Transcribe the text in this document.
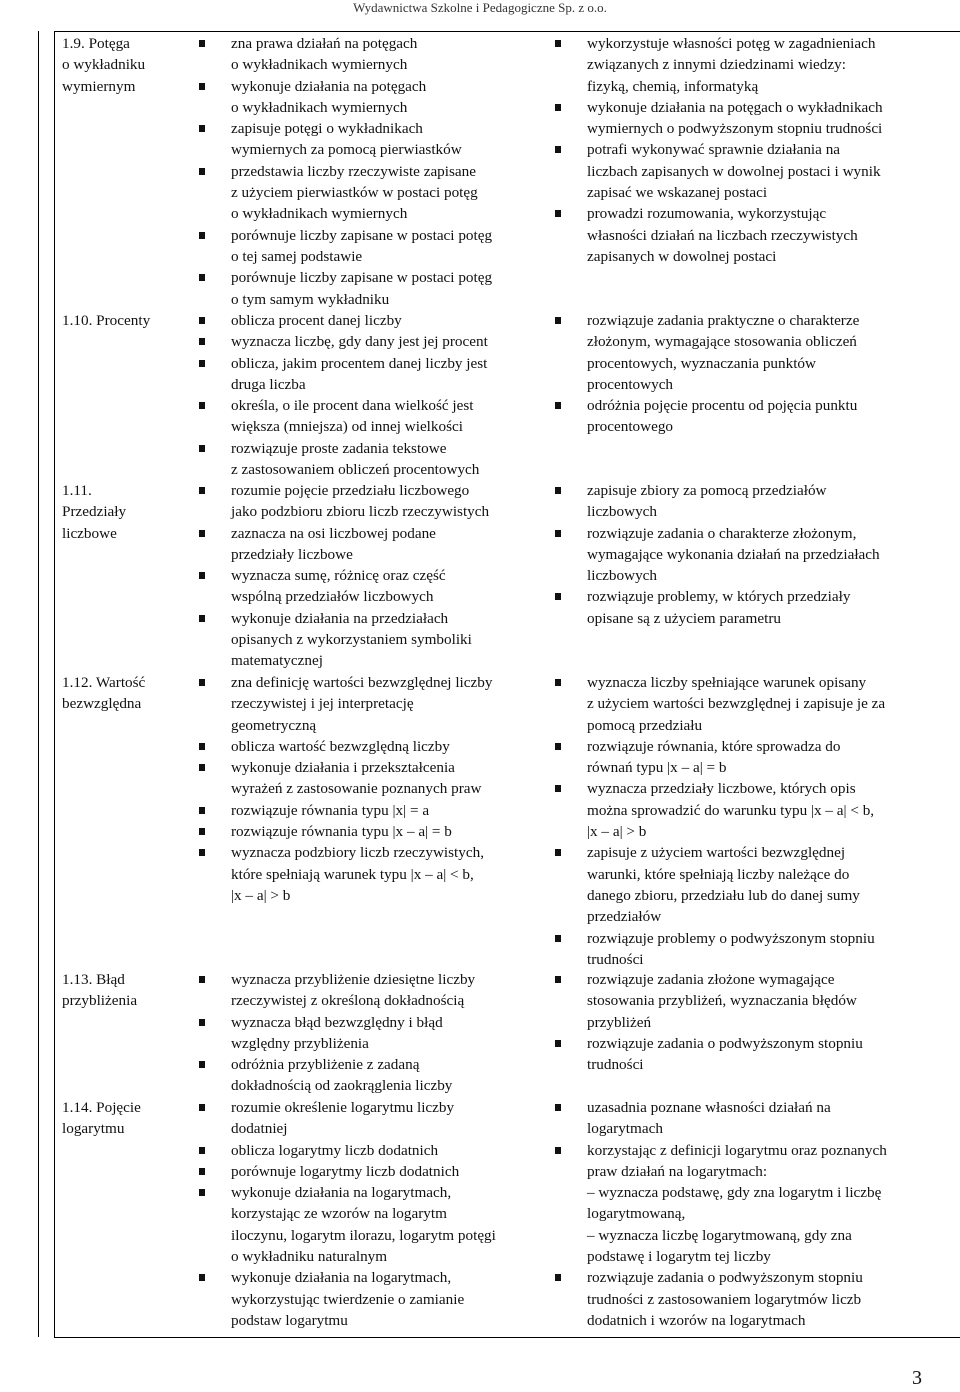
Wydawnictwa Szkolne i Pedagogiczne Sp. z o.o.
1.9. Potęga
o wykładniku
wymiernym
zna prawa działań na potęgach
o wykładnikach wymiernych
wykonuje działania na potęgach
o wykładnikach wymiernych
zapisuje potęgi o wykładnikach
wymiernych za pomocą pierwiastków
przedstawia liczby rzeczywiste zapisane
z użyciem pierwiastków w postaci potęg
o wykładnikach wymiernych
porównuje liczby zapisane w postaci potęg
o tej samej podstawie
porównuje liczby zapisane w postaci potęg
o tym samym wykładniku
wykorzystuje własności potęg w zagadnieniach
związanych z innymi dziedzinami wiedzy:
fizyką, chemią, informatyką
wykonuje działania na potęgach o wykładnikach
wymiernych o podwyższonym stopniu trudności
potrafi wykonywać sprawnie działania na
liczbach zapisanych w dowolnej postaci i wynik
zapisać we wskazanej postaci
prowadzi rozumowania, wykorzystując
własności działań na liczbach rzeczywistych
zapisanych w dowolnej postaci
1.10. Procenty	oblicza procent danej liczby
wyznacza liczbę, gdy dany jest jej procent
oblicza, jakim procentem danej liczby jest
druga liczba
określa, o ile procent dana wielkość jest
większa (mniejsza) od innej wielkości
rozwiązuje proste zadania tekstowe
z zastosowaniem obliczeń procentowych
rozwiązuje zadania praktyczne o charakterze
złożonym, wymagające stosowania obliczeń
procentowych, wyznaczania punktów
procentowych
odróżnia pojęcie procentu od pojęcia punktu
procentowego
1.11.
Przedziały
liczbowe
rozumie pojęcie przedziału liczbowego
jako podzbioru zbioru liczb rzeczywistych
zaznacza na osi liczbowej podane
przedziały liczbowe
wyznacza sumę, różnicę oraz część
wspólną przedziałów liczbowych
wykonuje działania na przedziałach
opisanych z wykorzystaniem symboliki
matematycznej
zapisuje zbiory za pomocą przedziałów
liczbowych
rozwiązuje zadania o charakterze złożonym,
wymagające wykonania działań na przedziałach
liczbowych
rozwiązuje problemy, w których przedziały
opisane są z użyciem parametru
1.12. Wartość
bezwzględna
zna definicję wartości bezwzględnej liczby
rzeczywistej i jej interpretację
geometryczną
oblicza wartość bezwzględną liczby
wykonuje działania i przekształcenia
wyrażeń z zastosowanie poznanych praw
rozwiązuje równania typu |x| = a
rozwiązuje równania typu |x – a| = b
wyznacza podzbiory liczb rzeczywistych,
które spełniają warunek typu |x – a| < b,
|x – a| > b
wyznacza liczby spełniające warunek opisany
z użyciem wartości bezwzględnej i zapisuje je za
pomocą przedziału
rozwiązuje równania, które sprowadza do
równań typu |x – a| = b
wyznacza przedziały liczbowe, których opis
można sprowadzić do warunku typu |x – a| < b,
|x – a| > b
zapisuje z użyciem wartości bezwzględnej
warunki, które spełniają liczby należące do
danego zbioru, przedziału lub do danej sumy
przedziałów
rozwiązuje problemy o podwyższonym stopniu
trudności
1.13. Błąd
przybliżenia
wyznacza przybliżenie dziesiętne liczby
rzeczywistej z określoną dokładnością
wyznacza błąd bezwzględny i błąd
względny przybliżenia
odróżnia przybliżenie z zadaną
dokładnością od zaokrąglenia liczby
rozwiązuje zadania złożone wymagające
stosowania przybliżeń, wyznaczania błędów
przybliżeń
rozwiązuje zadania o podwyższonym stopniu
trudności
1.14. Pojęcie
logarytmu
rozumie określenie logarytmu liczby
dodatniej
oblicza logarytmy liczb dodatnich
porównuje logarytmy liczb dodatnich
wykonuje działania na logarytmach,
korzystając ze wzorów na logarytm
iloczynu, logarytm ilorazu, logarytm potęgi
o wykładniku naturalnym
wykonuje działania na logarytmach,
wykorzystując twierdzenie o zamianie
podstaw logarytmu
uzasadnia poznane własności działań na
logarytmach
korzystając z definicji logarytmu oraz poznanych
praw działań na logarytmach:
– wyznacza podstawę, gdy zna logarytm i liczbę
logarytmowaną,
– wyznacza liczbę logarytmowaną, gdy zna
podstawę i logarytm tej liczby
rozwiązuje zadania o podwyższonym stopniu
trudności z zastosowaniem logarytmów liczb
dodatnich i wzorów na logarytmach
3
